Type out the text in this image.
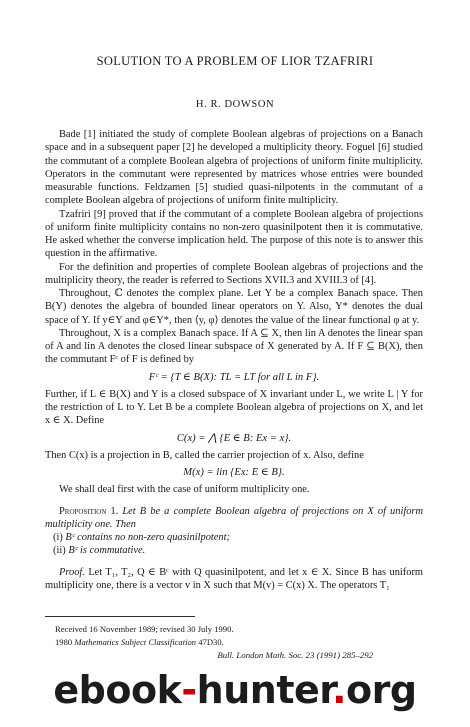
SOLUTION TO A PROBLEM OF LIOR TZAFRIRI
H. R. DOWSON

Bade [1] initiated the study of complete Boolean algebras of projections on a Banach space and in a subsequent paper [2] he developed a multiplicity theory. Foguel [6] studied the commutant of a complete Boolean algebra of projections of uniform finite multiplicity. Operators in the commutant were represented by matrices whose entries were bounded measurable functions. Feldzamen [5] studied quasi-nilpotents in the commutant of a complete Boolean algebra of projections of uniform finite multiplicity.

Tzafriri [9] proved that if the commutant of a complete Boolean algebra of projections of uniform finite multiplicity contains no non-zero quasinilpotent then it is commutative. He asked whether the converse implication held. The purpose of this note is to answer this question in the affirmative.

For the definition and properties of complete Boolean algebras of projections and the multiplicity theory, the reader is referred to Sections XVII.3 and XVIII.3 of [4].

Throughout, ℂ denotes the complex plane. Let Y be a complex Banach space. Then B(Y) denotes the algebra of bounded linear operators on Y. Also, Y* denotes the dual space of Y. If y∈Y and φ∈Y*, then ⟨y, φ⟩ denotes the value of the linear functional φ at y.

Throughout, X is a complex Banach space. If A ⊆ X, then lin A denotes the linear span of A and lin A denotes the closed linear subspace of X generated by A. If F ⊆ B(X), then the commutant Fᶜ of F is defined by

Fᶜ = {T ∈ B(X): TL = LT for all L in F}.

Further, if L ∈ B(X) and Y is a closed subspace of X invariant under L, we write L | Y for the restriction of L to Y. Let B be a complete Boolean algebra of projections on X, and let x ∈ X. Define

C(x) = ⋀ {E ∈ B: Ex = x}.

Then C(x) is a projection in B, called the carrier projection of x. Also, define

M(x) = lin {Ex: E ∈ B}.

We shall deal first with the case of uniform multiplicity one.

Proposition 1. Let B be a complete Boolean algebra of projections on X of uniform multiplicity one. Then
(i) Bᶜ contains no non-zero quasinilpotent;
(ii) Bᶜ is commutative.
Proof. Let T₁, T₂, Q ∈ Bᶜ with Q quasinilpotent, and let x ∈ X. Since B has uniform multiplicity one, there is a vector v in X such that M(v) = C(x) X. The operators T₁
Received 16 November 1989; revised 30 July 1990.
1980 Mathematics Subject Classification 47D30.
Bull. London Math. Soc. 23 (1991) 285–292
ebook-hunter.org
